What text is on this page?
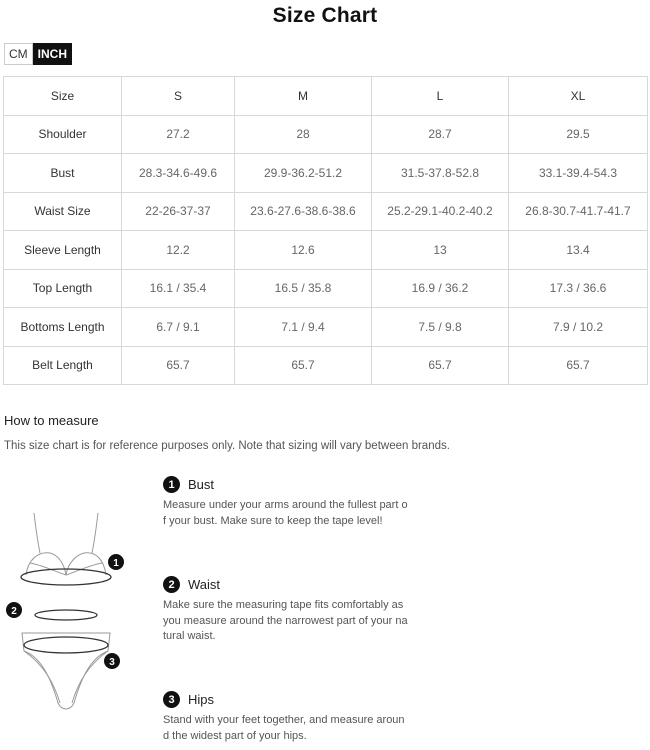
Size Chart
CM INCH
Size	S	M	L	XL
Shoulder	27.2	28	28.7	29.5
Bust	28.3-34.6-49.6	29.9-36.2-51.2	31.5-37.8-52.8	33.1-39.4-54.3
Waist Size	22-26-37-37	23.6-27.6-38.6-38.6	25.2-29.1-40.2-40.2	26.8-30.7-41.7-41.7
Sleeve Length	12.2	12.6	13	13.4
Top Length	16.1 / 35.4	16.5 / 35.8	16.9 / 36.2	17.3 / 36.6
Bottoms Length	6.7 / 9.1	7.1 / 9.4	7.5 / 9.8	7.9 / 10.2
Belt Length	65.7	65.7	65.7	65.7
How to measure
This size chart is for reference purposes only. Note that sizing will vary between brands.
1
2
3
1	Bust
Measure under your arms around the fullest part o
f your bust. Make sure to keep the tape level!
2	Waist
Make sure the measuring tape fits comfortably as
you measure around the narrowest part of your na
tural waist.
3	Hips
Stand with your feet together, and measure aroun
d the widest part of your hips.
